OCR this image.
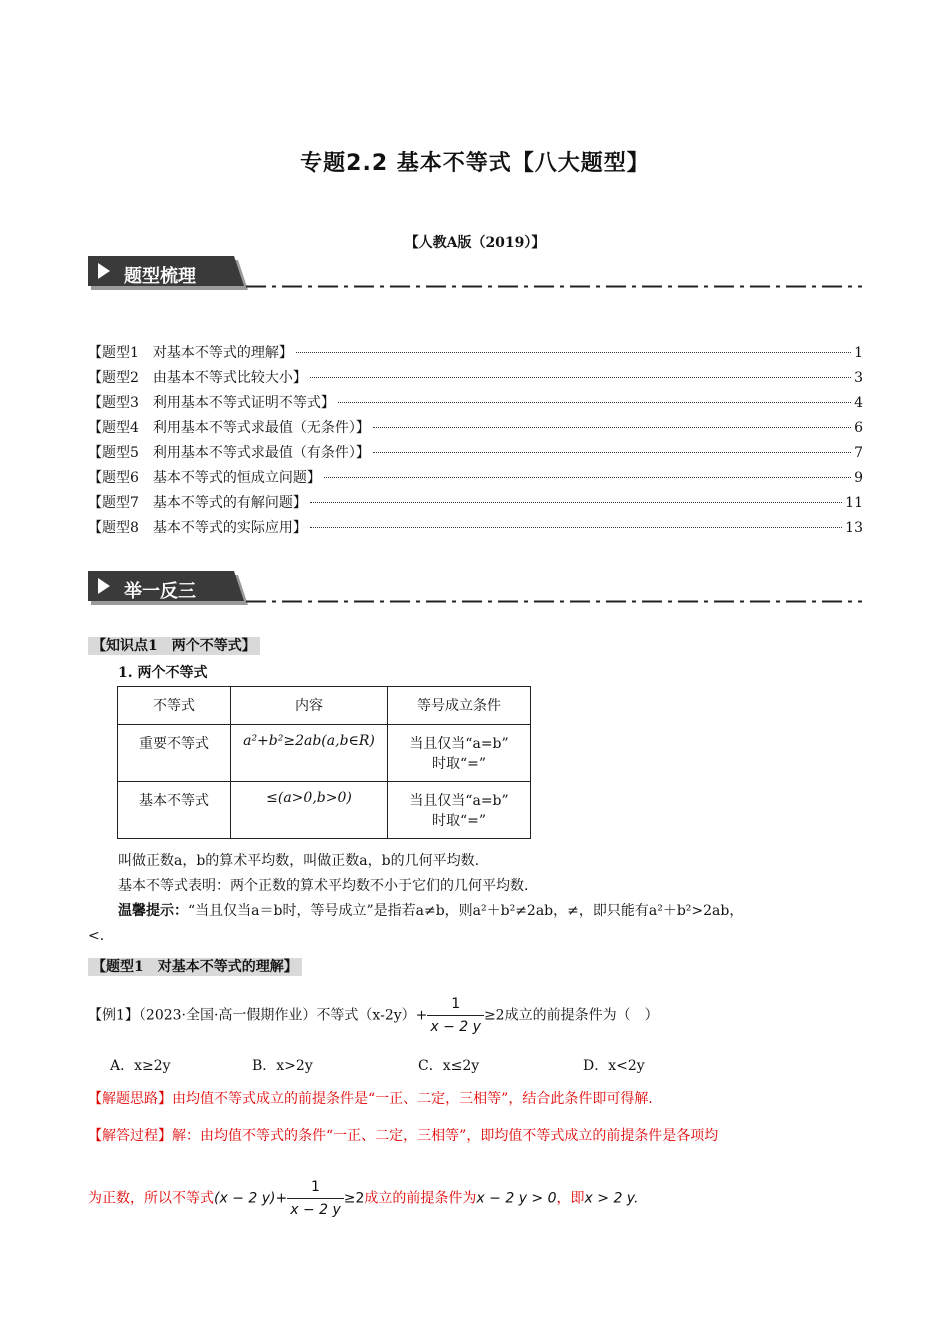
专题2.2 基本不等式【八大题型】
【人教A版（2019）】
题型梳理
【题型1　对基本不等式的理解】	1
【题型2　由基本不等式比较大小】	3
【题型3　利用基本不等式证明不等式】	4
【题型4　利用基本不等式求最值（无条件）】	6
【题型5　利用基本不等式求最值（有条件）】	7
【题型6　基本不等式的恒成立问题】	9
【题型7　基本不等式的有解问题】	11
【题型8　基本不等式的实际应用】	13
举一反三
【知识点1　两个不等式】
1. 两个不等式
不等式	内容	等号成立条件
重要不等式	a²+b²≥2ab(a,b∈R)	当且仅当“a=b”
时取“=”

基本不等式	≤(a>0,b>0)	当且仅当“a=b”
时取“=”
叫做正数a，b的算术平均数，叫做正数a，b的几何平均数.
基本不等式表明：两个正数的算术平均数不小于它们的几何平均数.
温馨提示：“当且仅当a＝b时，等号成立”是指若a≠b，则a²＋b²≠2ab，≠，即只能有a²＋b²>2ab，
<.
【题型1　对基本不等式的理解】
【例1】（2023·全国·高一假期作业）不等式$(x-2y)+ \frac{1}{x - 2 y} \ge 2$成立的前提条件为（　）
A．x≥2y	B．x>2y	C．x≤2y	D．x<2y
【解题思路】由均值不等式成立的前提条件是“一正、二定，三相等”，结合此条件即可得解.
【解答过程】解：由均值不等式的条件“一正、二定，三相等”，即均值不等式成立的前提条件是各项均
为正数，所以不等式(x − 2 $y)+ \frac{1}{x - 2 y} \ge 2$成立的前提条件为x − 2 y > 0，即x > 2 y.
